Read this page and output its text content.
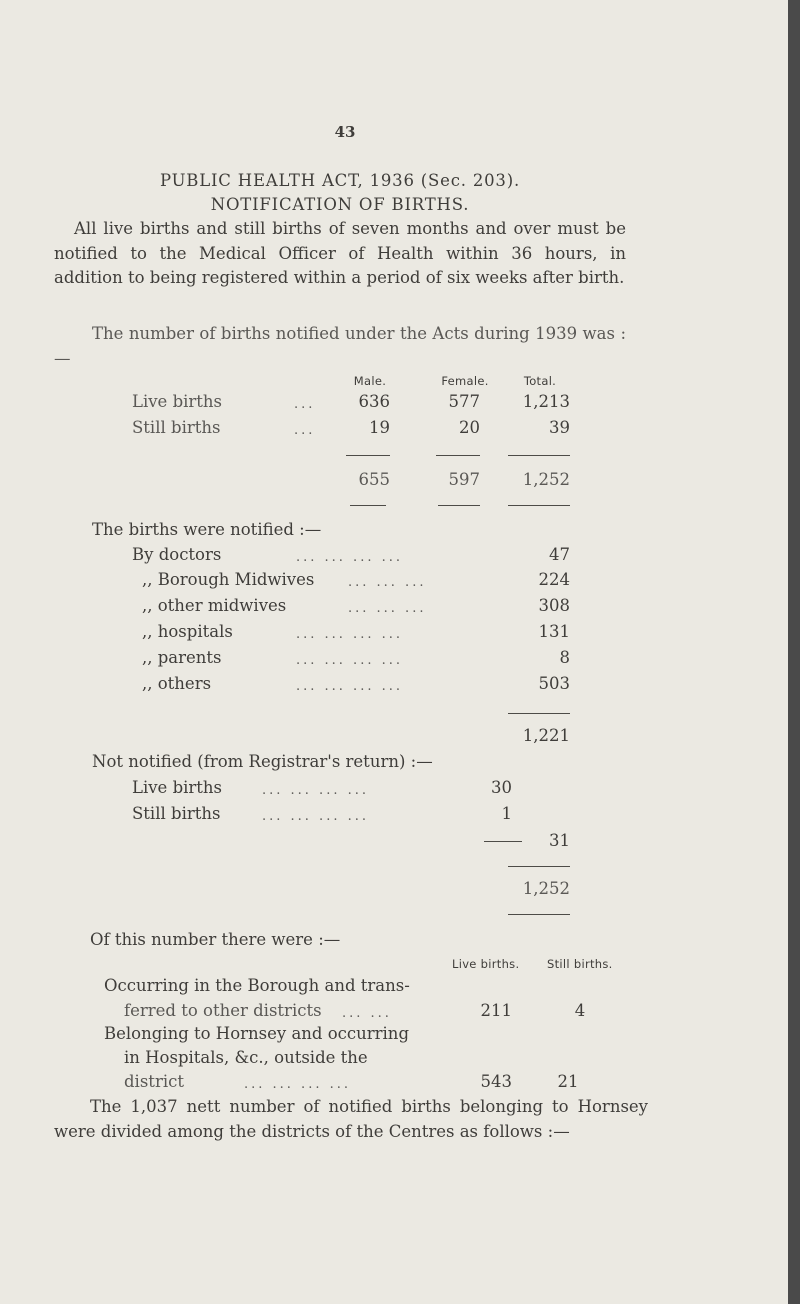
43
PUBLIC HEALTH ACT, 1936 (Sec. 203).
NOTIFICATION OF BIRTHS.
All live births and still births of seven months and over must be notified to the Medical Officer of Health within 36 hours, in addition to being registered within a period of six weeks after birth.
The number of births notified under the Acts during 1939 was :—
Male.	Female.	Total.
Live births	...	636	577	1,213
Still births	...	19	20	39
655	597	1,252
The births were notified :—
By doctors	... ... ... ...	47
,, Borough Midwives	... ... ...	224
,, other midwives	... ... ...	308
,, hospitals	... ... ... ...	131
,, parents	... ... ... ...	8
,, others	... ... ... ...	503
1,221
Not notified (from Registrar's return) :—
Live births	... ... ... ...	30
Still births	... ... ... ...	1
31
1,252
Of this number there were :—
Live births. Still births.
Occurring in the Borough and trans-
ferred to other districts ... ...	211	4
Belonging to Hornsey and occurring
in Hospitals, &c., outside the
district	... ... ... ...	543	21
The 1,037 nett number of notified births belonging to Hornsey were divided among the districts of the Centres as follows :—
